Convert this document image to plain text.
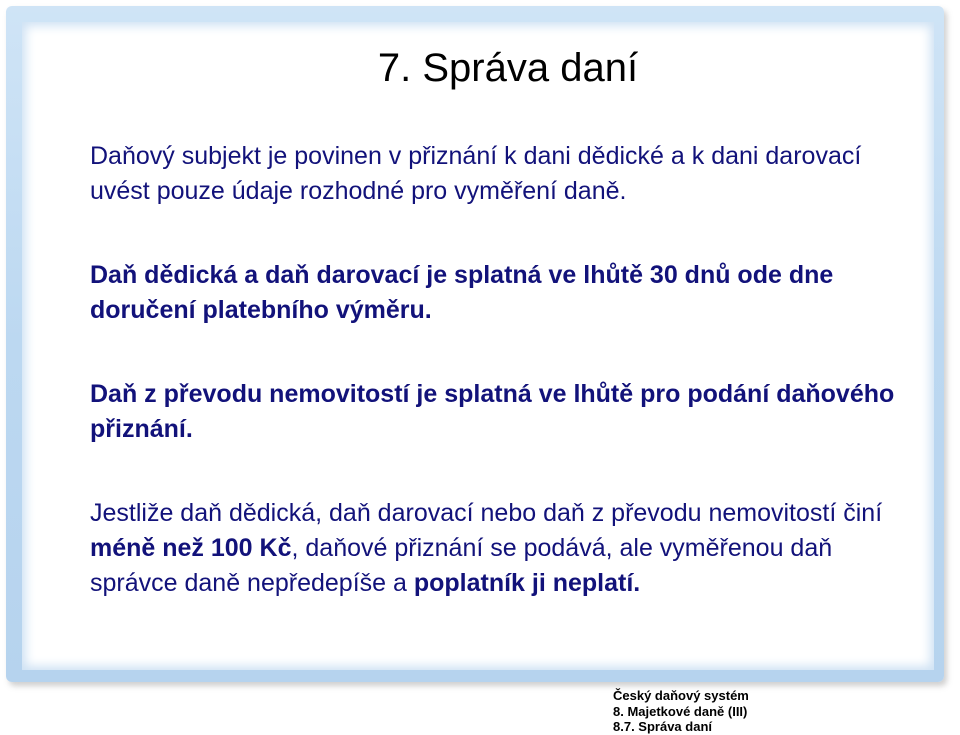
7. Správa daní

Daňový subjekt je povinen v přiznání k dani dědické a k dani darovací uvést pouze údaje rozhodné pro vyměření daně.

Daň dědická a daň darovací je splatná ve lhůtě 30 dnů ode dne doručení platebního výměru.

Daň z převodu nemovitostí je splatná ve lhůtě pro podání daňového přiznání.

Jestliže daň dědická, daň darovací nebo daň z převodu nemovitostí činí méně než 100 Kč, daňové přiznání se podává, ale vyměřenou daň správce daně nepředepíše a poplatník ji neplatí.

Český daňový systém
8. Majetkové daně (III)
8.7. Správa daní
